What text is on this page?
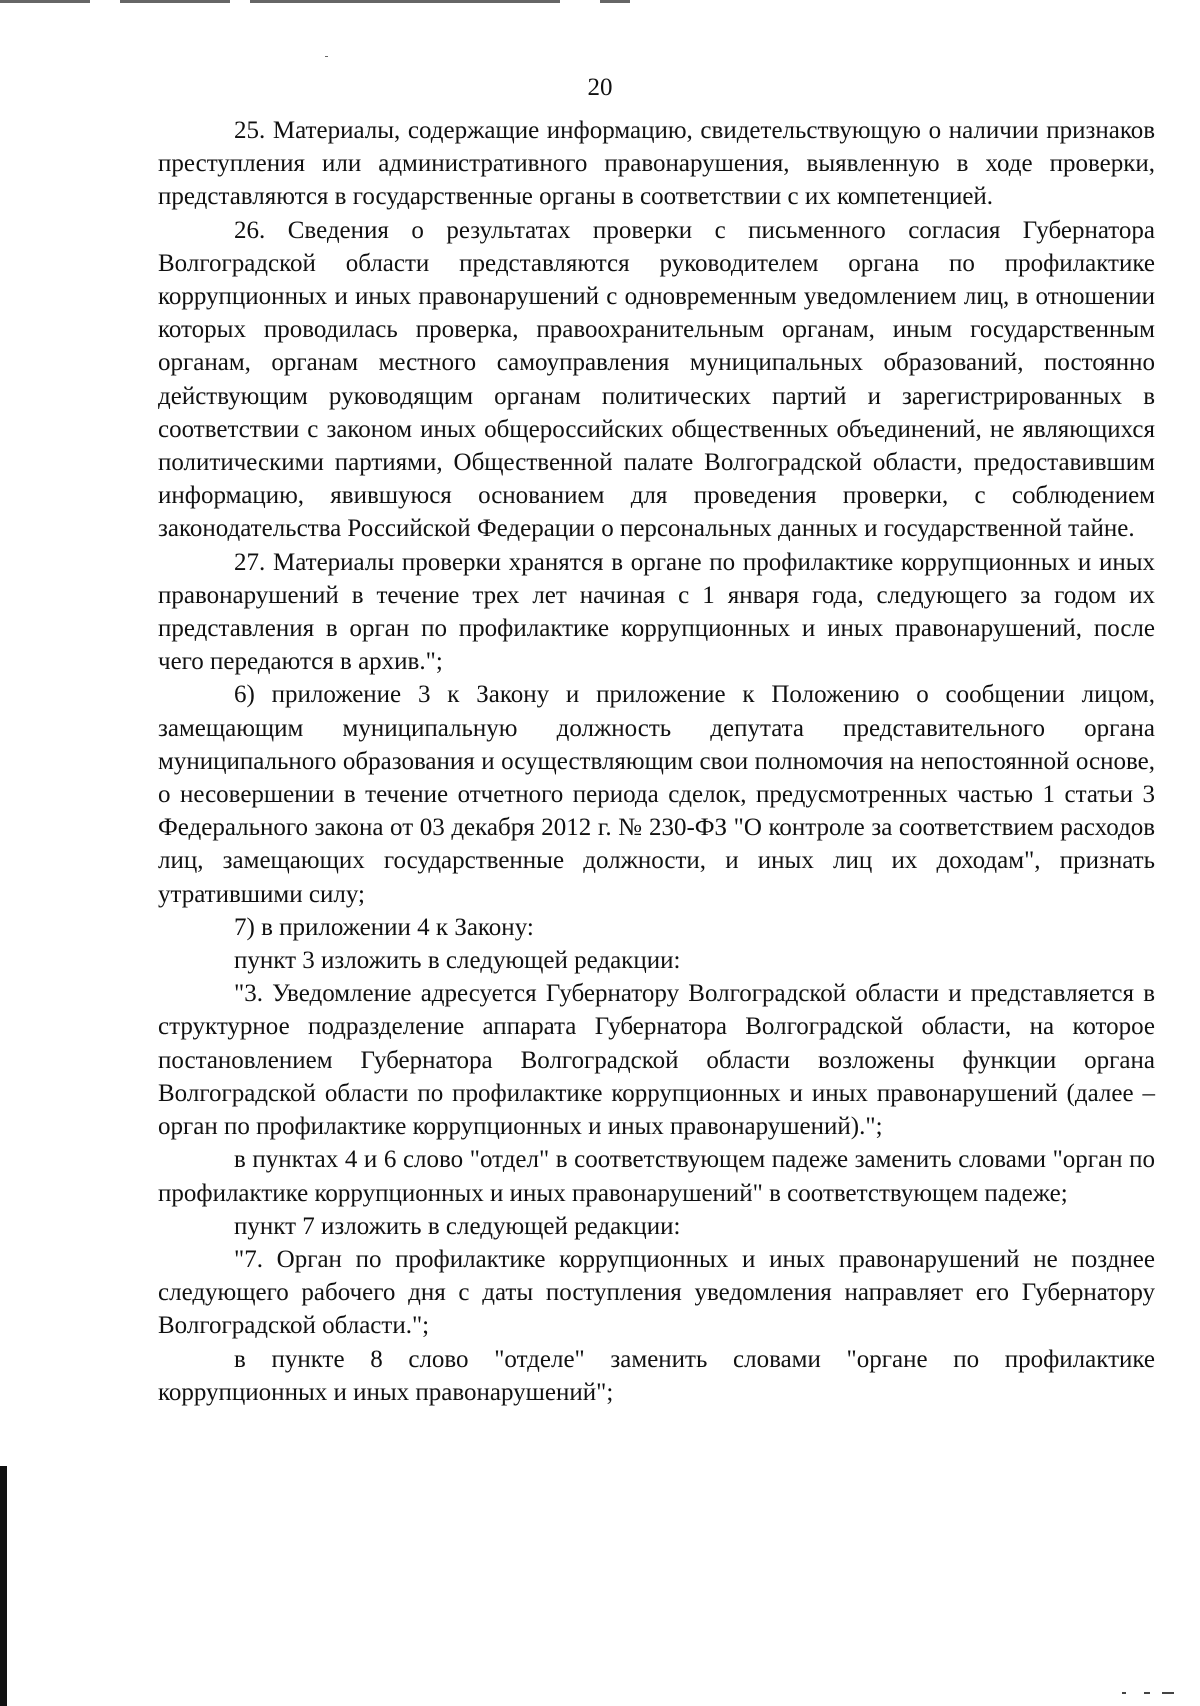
20

25. Материалы, содержащие информацию, свидетельствующую о наличии признаков преступления или административного правонарушения, выявленную в ходе проверки, представляются в государственные органы в соответствии с их компетенцией.

26. Сведения о результатах проверки с письменного согласия Губернатора Волгоградской области представляются руководителем органа по профилактике коррупционных и иных правонарушений с одновременным уведомлением лиц, в отношении которых проводилась проверка, правоохранительным органам, иным государственным органам, органам местного самоуправления муниципальных образований, постоянно действующим руководящим органам политических партий и зарегистрированных в соответствии с законом иных общероссийских общественных объединений, не являющихся политическими партиями, Общественной палате Волгоградской области, предоставившим информацию, явившуюся основанием для проведения проверки, с соблюдением законодательства Российской Федерации о персональных данных и государственной тайне.

27. Материалы проверки хранятся в органе по профилактике коррупционных и иных правонарушений в течение трех лет начиная с 1 января года, следующего за годом их представления в орган по профилактике коррупционных и иных правонарушений, после чего передаются в архив.";

6) приложение 3 к Закону и приложение к Положению о сообщении лицом, замещающим муниципальную должность депутата представительного органа муниципального образования и осуществляющим свои полномочия на непостоянной основе, о несовершении в течение отчетного периода сделок, предусмотренных частью 1 статьи 3 Федерального закона от 03 декабря 2012 г. № 230-ФЗ "О контроле за соответствием расходов лиц, замещающих государственные должности, и иных лиц их доходам", признать утратившими силу;

7) в приложении 4 к Закону:

пункт 3 изложить в следующей редакции:

"3. Уведомление адресуется Губернатору Волгоградской области и представляется в структурное подразделение аппарата Губернатора Волгоградской области, на которое постановлением Губернатора Волгоградской области возложены функции органа Волгоградской области по профилактике коррупционных и иных правонарушений (далее – орган по профилактике коррупционных и иных правонарушений).";

в пунктах 4 и 6 слово "отдел" в соответствующем падеже заменить словами "орган по профилактике коррупционных и иных правонарушений" в соответствующем падеже;

пункт 7 изложить в следующей редакции:

"7. Орган по профилактике коррупционных и иных правонарушений не позднее следующего рабочего дня с даты поступления уведомления направляет его Губернатору Волгоградской области.";

в пункте 8 слово "отделе" заменить словами "органе по профилактике коррупционных и иных правонарушений";
